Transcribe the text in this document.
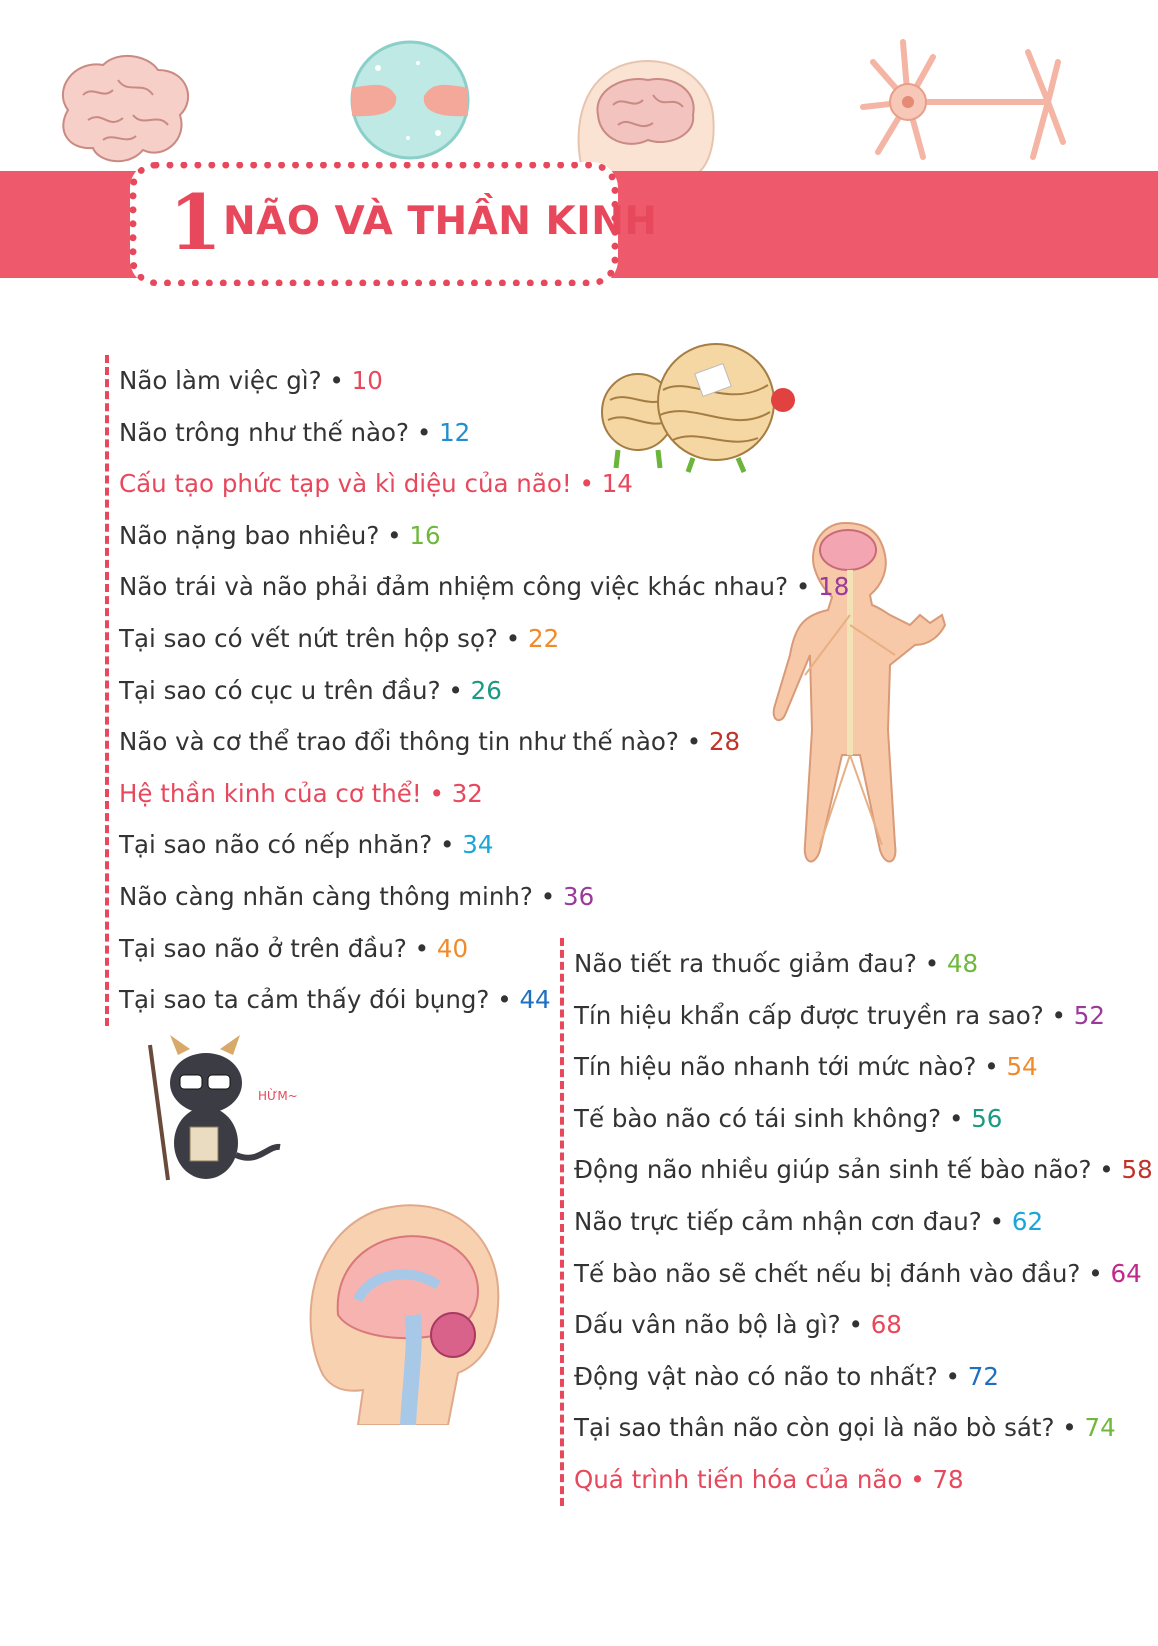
1 NÃO VÀ THẦN KINH
HỪM~
Não làm việc gì? • 10
Não trông như thế nào? • 12
Cấu tạo phức tạp và kì diệu của não! • 14
Não nặng bao nhiêu? • 16
Não trái và não phải đảm nhiệm công việc khác nhau? • 18
Tại sao có vết nứt trên hộp sọ? • 22
Tại sao có cục u trên đầu? • 26
Não và cơ thể trao đổi thông tin như thế nào? • 28
Hệ thần kinh của cơ thể! • 32
Tại sao não có nếp nhăn? • 34
Não càng nhăn càng thông minh? • 36
Tại sao não ở trên đầu? • 40
Tại sao ta cảm thấy đói bụng? • 44
Não tiết ra thuốc giảm đau? • 48
Tín hiệu khẩn cấp được truyền ra sao? • 52
Tín hiệu não nhanh tới mức nào? • 54
Tế bào não có tái sinh không? • 56
Động não nhiều giúp sản sinh tế bào não? • 58
Não trực tiếp cảm nhận cơn đau? • 62
Tế bào não sẽ chết nếu bị đánh vào đầu? • 64
Dấu vân não bộ là gì? • 68
Động vật nào có não to nhất? • 72
Tại sao thân não còn gọi là não bò sát? • 74
Quá trình tiến hóa của não • 78
